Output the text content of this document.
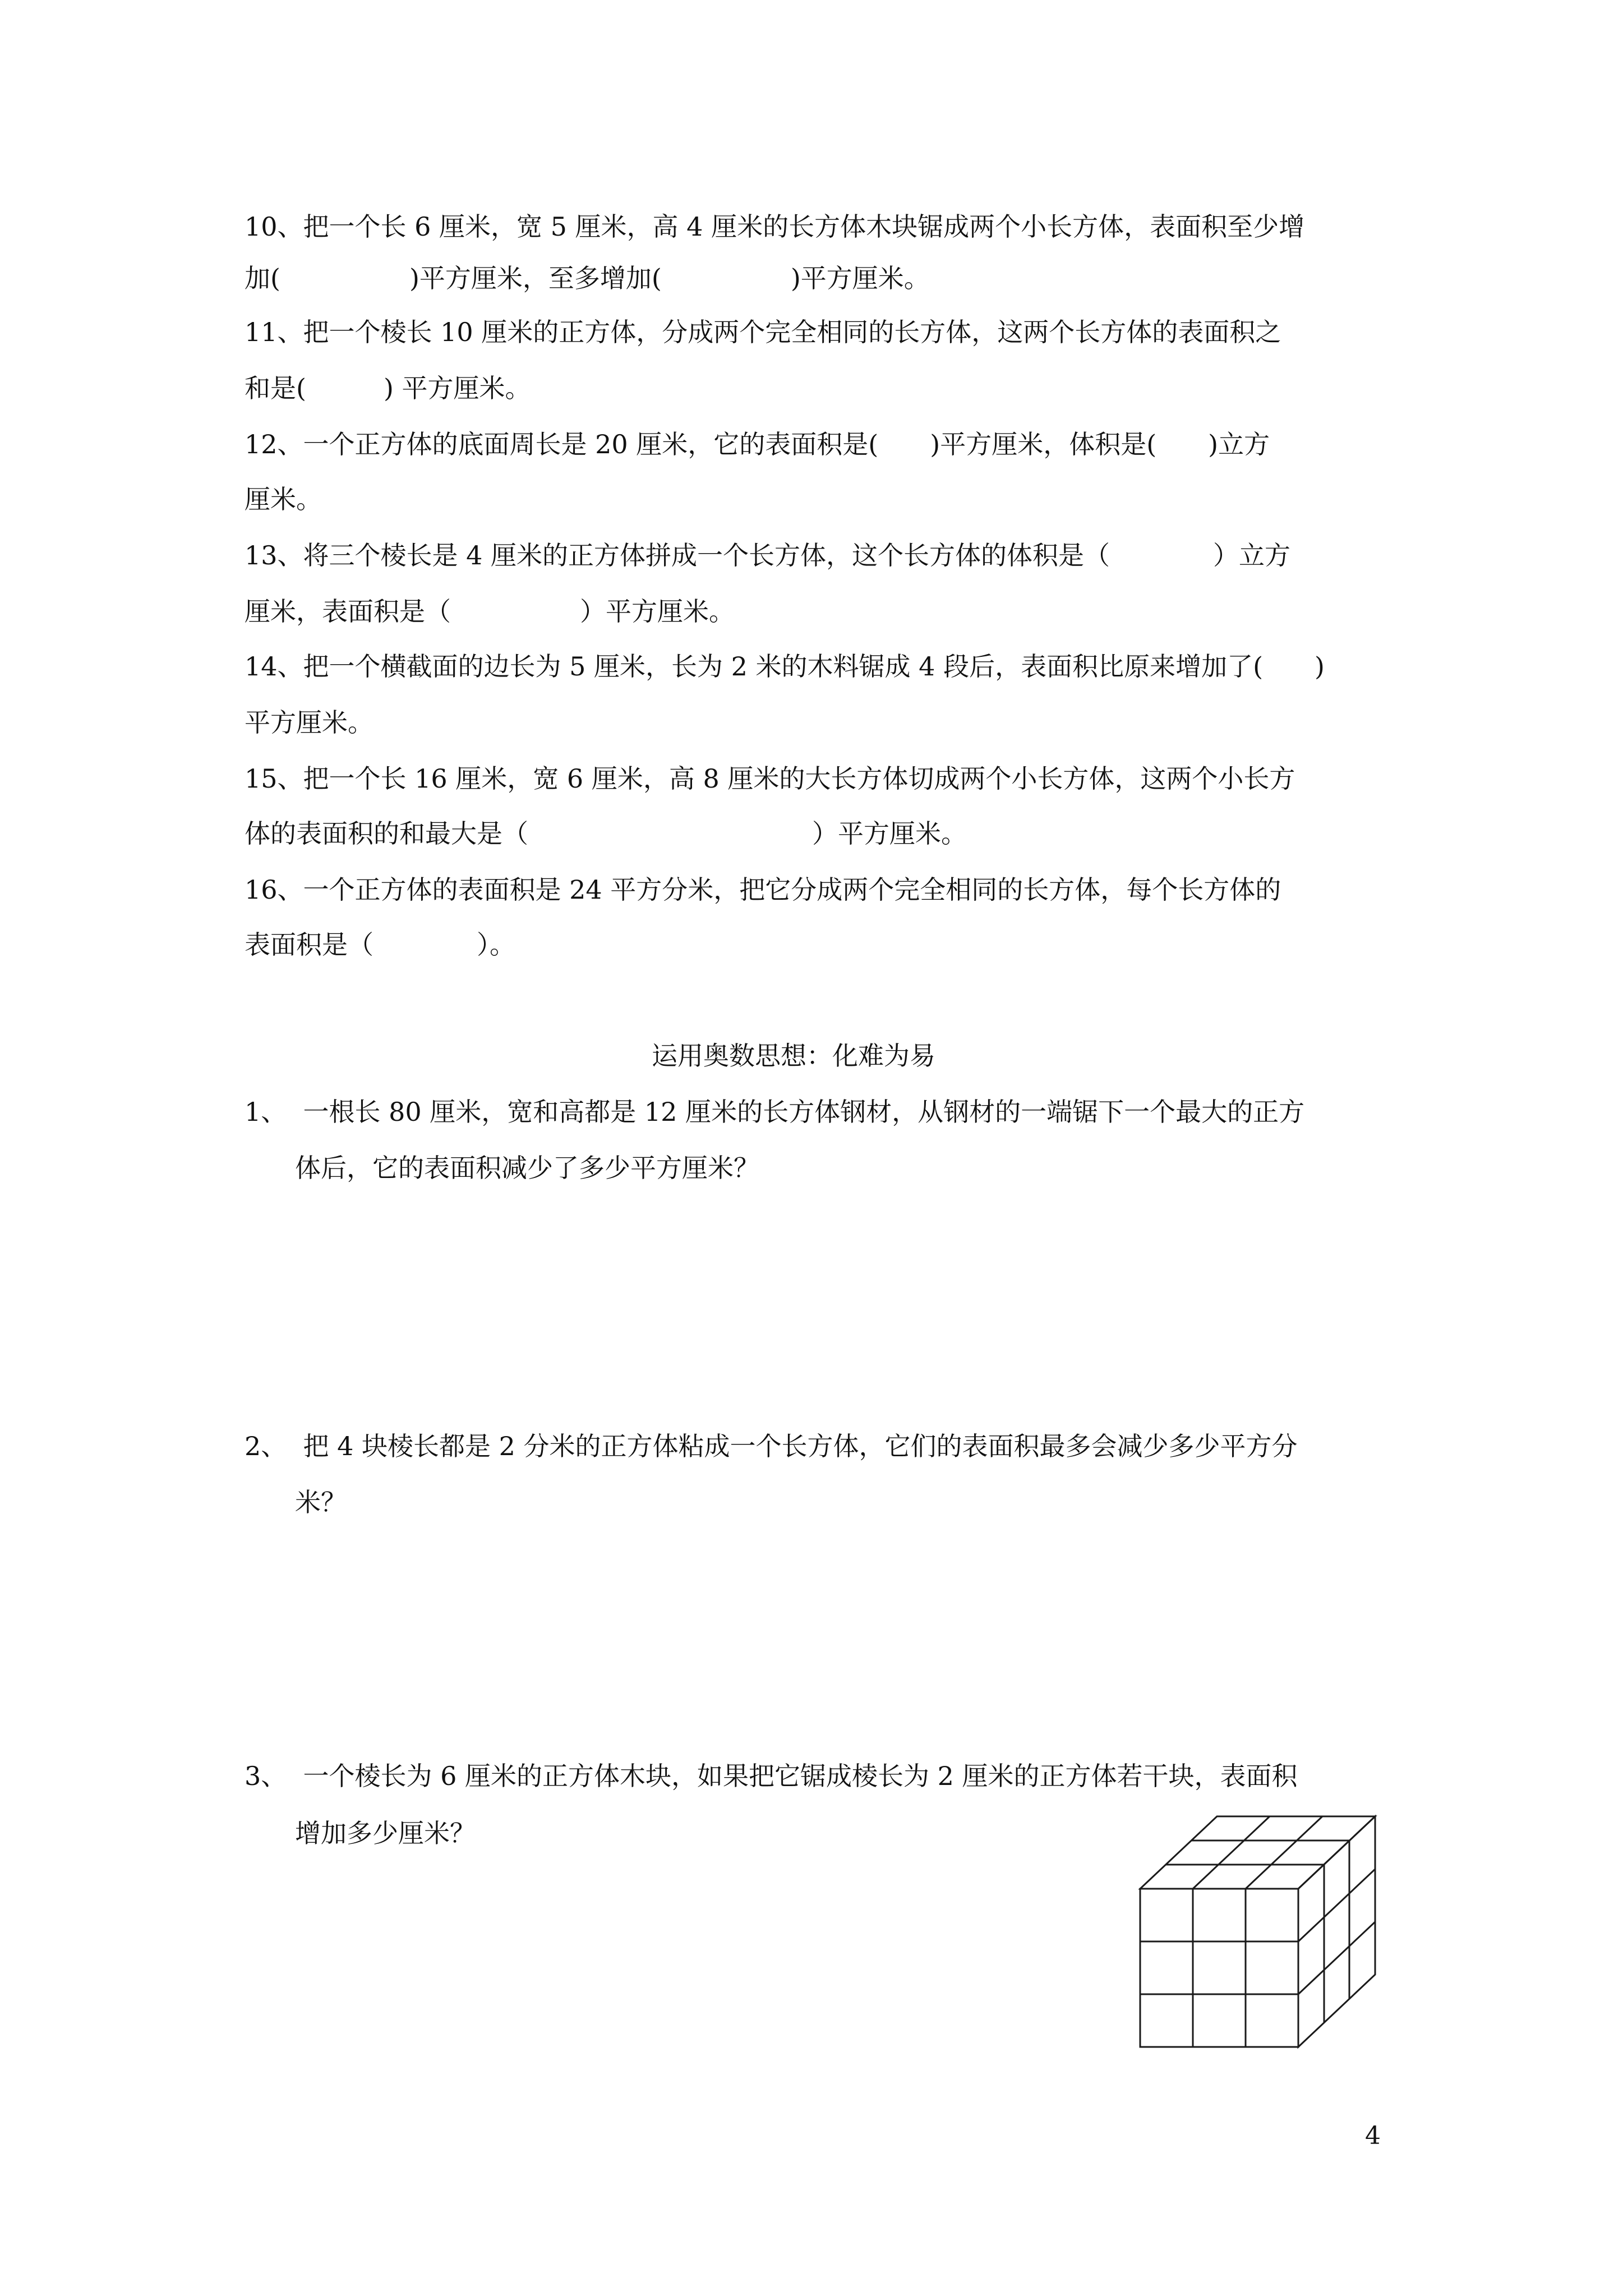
10、把一个长 6 厘米，宽 5 厘米，高 4 厘米的长方体木块锯成两个小长方体，表面积至少增
加(　　　　　)平方厘米，至多增加(　　　　　)平方厘米。
11、把一个棱长 10 厘米的正方体，分成两个完全相同的长方体，这两个长方体的表面积之
和是(　　　) 平方厘米。
12、一个正方体的底面周长是 20 厘米，它的表面积是(　　)平方厘米，体积是(　　)立方
厘米。
13、将三个棱长是 4 厘米的正方体拼成一个长方体，这个长方体的体积是（　　　　）立方
厘米，表面积是（　　　　　）平方厘米。
14、把一个横截面的边长为 5 厘米，长为 2 米的木料锯成 4 段后，表面积比原来增加了(　　)
平方厘米。
15、把一个长 16 厘米，宽 6 厘米，高 8 厘米的大长方体切成两个小长方体，这两个小长方
体的表面积的和最大是（　　　　　　　　　　　）平方厘米。
16、一个正方体的表面积是 24 平方分米，把它分成两个完全相同的长方体，每个长方体的
表面积是（　　　　）。
运用奥数思想：化难为易
1、  一根长 80 厘米，宽和高都是 12 厘米的长方体钢材，从钢材的一端锯下一个最大的正方
体后，它的表面积减少了多少平方厘米？
2、  把 4 块棱长都是 2 分米的正方体粘成一个长方体，它们的表面积最多会减少多少平方分
米？
3、  一个棱长为 6 厘米的正方体木块，如果把它锯成棱长为 2 厘米的正方体若干块，表面积
增加多少厘米？
4
